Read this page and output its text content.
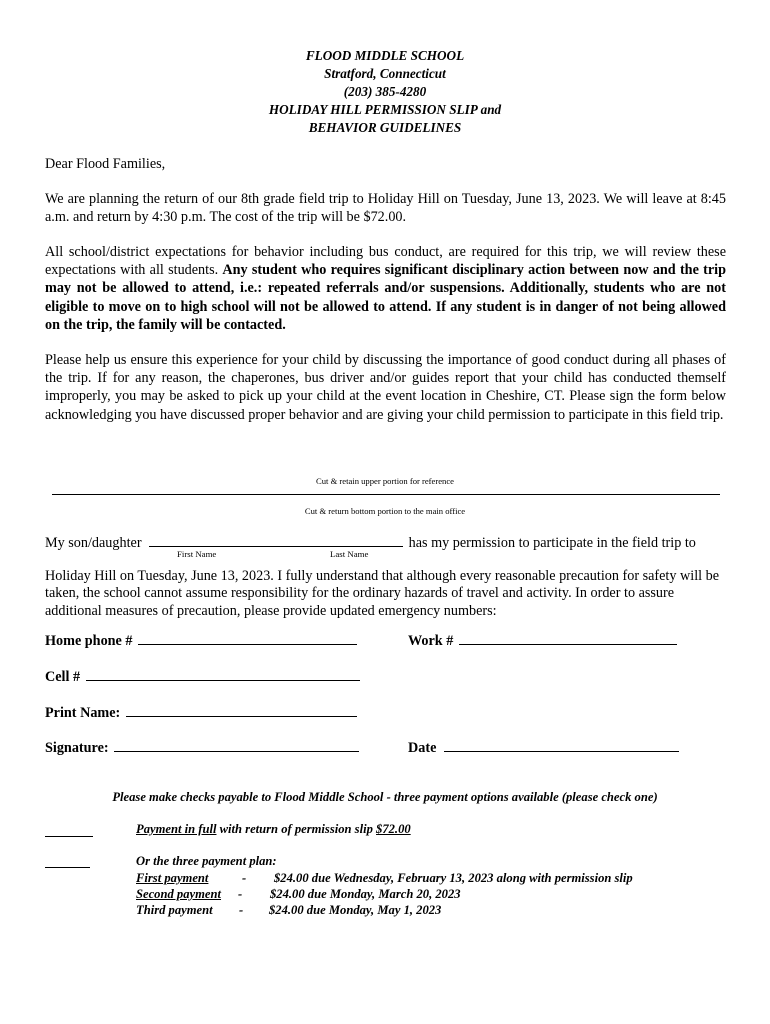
FLOOD MIDDLE SCHOOL
Stratford, Connecticut
(203) 385-4280
HOLIDAY HILL PERMISSION SLIP and
BEHAVIOR GUIDELINES
Dear Flood Families,
We are planning the return of our 8th grade field trip to Holiday Hill on Tuesday, June 13, 2023. We will leave at 8:45 a.m. and return by 4:30 p.m. The cost of the trip will be $72.00.
All school/district expectations for behavior including bus conduct, are required for this trip, we will review these expectations with all students. Any student who requires significant disciplinary action between now and the trip may not be allowed to attend, i.e.: repeated referrals and/or suspensions. Additionally, students who are not eligible to move on to high school will not be allowed to attend. If any student is in danger of not being allowed on the trip, the family will be contacted.
Please help us ensure this experience for your child by discussing the importance of good conduct during all phases of the trip. If for any reason, the chaperones, bus driver and/or guides report that your child has conducted themself improperly, you may be asked to pick up your child at the event location in Cheshire, CT. Please sign the form below acknowledging you have discussed proper behavior and are giving your child permission to participate in this field trip.
Cut & retain upper portion for reference
Cut & return bottom portion to the main office
My son/daughter	has my permission to participate in the field trip to
First Name	Last Name
Holiday Hill on Tuesday, June 13, 2023. I fully understand that although every reasonable precaution for safety will be taken, the school cannot assume responsibility for the ordinary hazards of travel and activity. In order to assure additional measures of precaution, please provide updated emergency numbers:
Home phone #	Work #
Cell #
Print Name:
Signature:	Date
Please make checks payable to Flood Middle School - three payment options available (please check one)
Payment in full with return of permission slip $72.00
Or the three payment plan:
First payment	- $24.00 due Wednesday, February 13, 2023 along with permission slip
Second payment - $24.00 due Monday, March 20, 2023
Third payment - $24.00 due Monday, May 1, 2023
